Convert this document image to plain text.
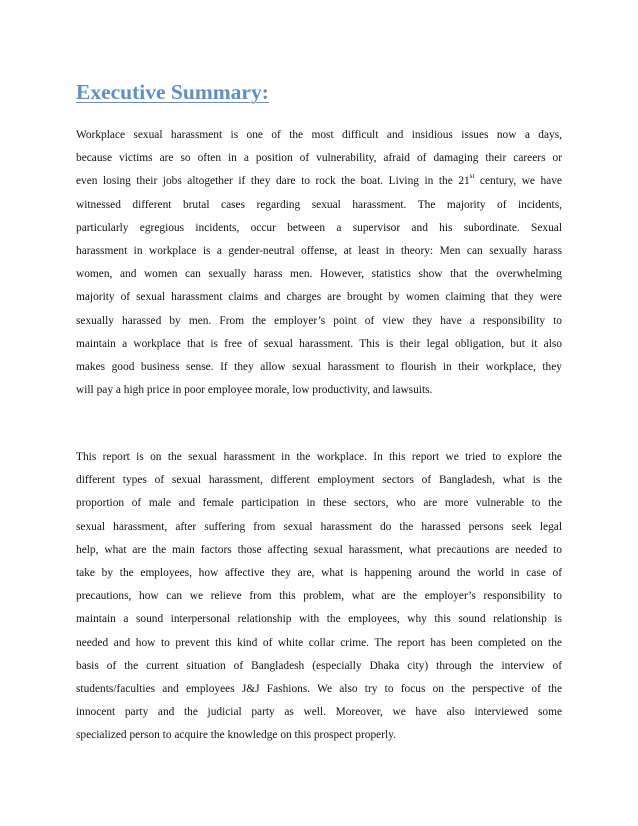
Executive Summary:
Workplace sexual harassment is one of the most difficult and insidious issues now a days,
because victims are so often in a position of vulnerability, afraid of damaging their careers or
even losing their jobs altogether if they dare to rock the boat. Living in the 21st century, we have
witnessed different brutal cases regarding sexual harassment. The majority of incidents,
particularly egregious incidents, occur between a supervisor and his subordinate. Sexual
harassment in workplace is a gender-neutral offense, at least in theory: Men can sexually harass
women, and women can sexually harass men. However, statistics show that the overwhelming
majority of sexual harassment claims and charges are brought by women claiming that they were
sexually harassed by men. From the employer’s point of view they have a responsibility to
maintain a workplace that is free of sexual harassment. This is their legal obligation, but it also
makes good business sense. If they allow sexual harassment to flourish in their workplace, they
will pay a high price in poor employee morale, low productivity, and lawsuits.
This report is on the sexual harassment in the workplace. In this report we tried to explore the
different types of sexual harassment, different employment sectors of Bangladesh, what is the
proportion of male and female participation in these sectors, who are more vulnerable to the
sexual harassment, after suffering from sexual harassment do the harassed persons seek legal
help, what are the main factors those affecting sexual harassment, what precautions are needed to
take by the employees, how affective they are, what is happening around the world in case of
precautions, how can we relieve from this problem, what are the employer’s responsibility to
maintain a sound interpersonal relationship with the employees, why this sound relationship is
needed and how to prevent this kind of white collar crime. The report has been completed on the
basis of the current situation of Bangladesh (especially Dhaka city) through the interview of
students/faculties and employees J&J Fashions. We also try to focus on the perspective of the
innocent party and the judicial party as well. Moreover, we have also interviewed some
specialized person to acquire the knowledge on this prospect properly.
